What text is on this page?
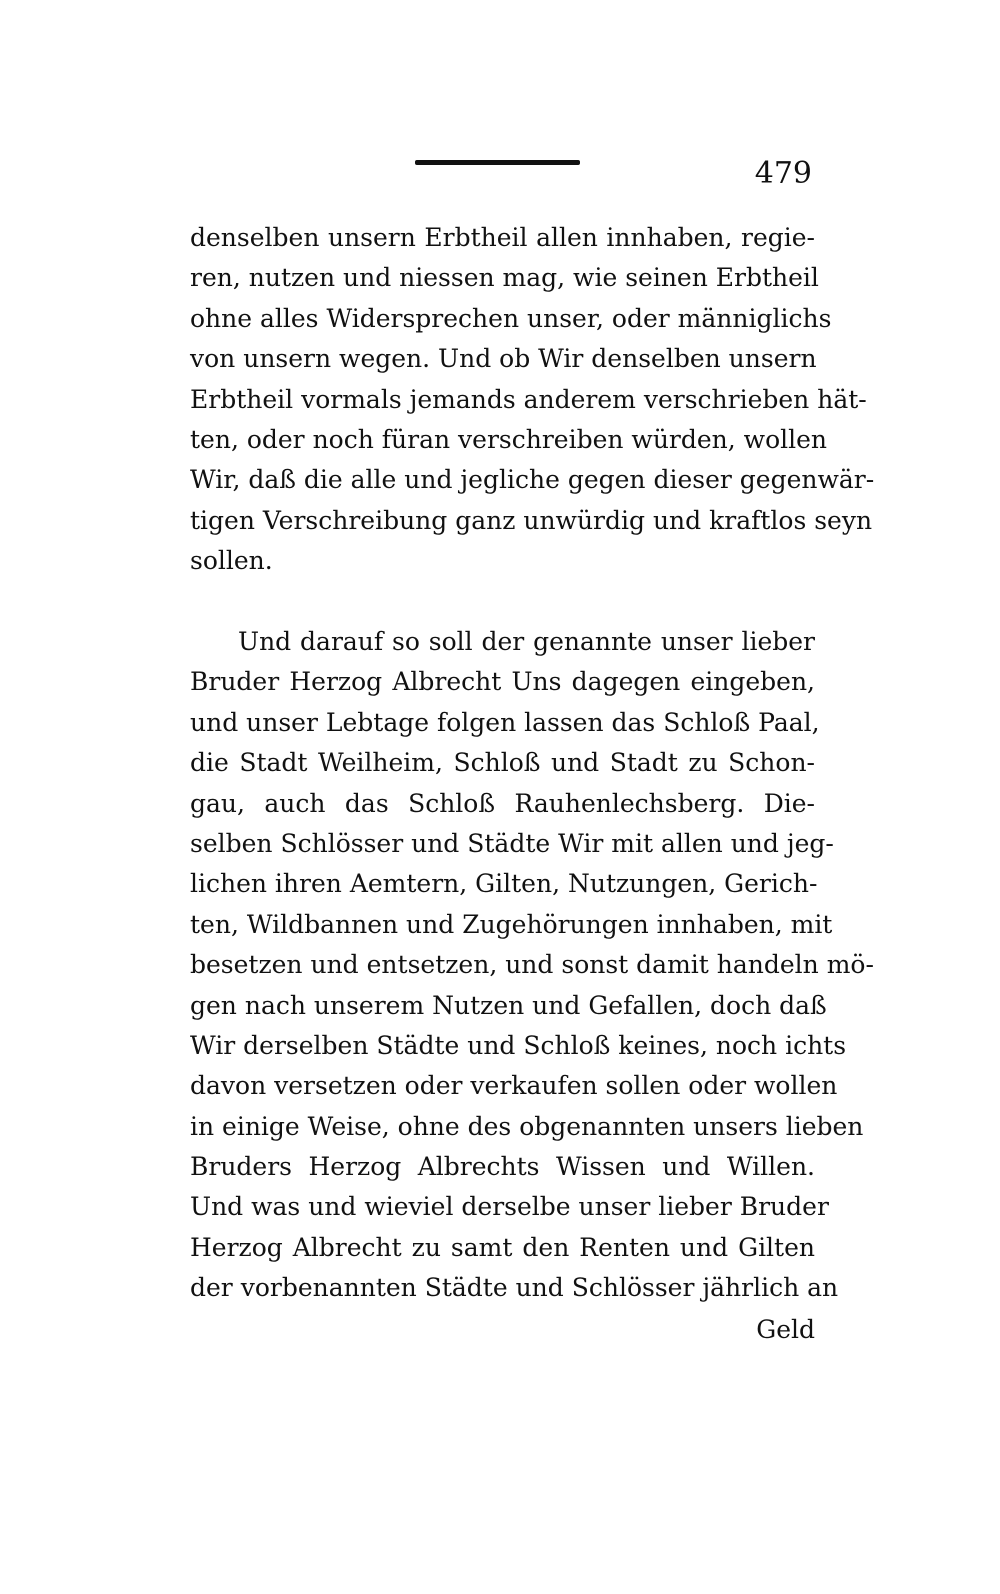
479
denselben unsern Erbtheil allen innhaben, regie-
ren, nutzen und niessen mag, wie seinen Erbtheil
ohne alles Widersprechen unser, oder männiglichs
von unsern wegen. Und ob Wir denselben unsern
Erbtheil vormals jemands anderem verschrieben hät-
ten, oder noch füran verschreiben würden, wollen
Wir, daß die alle und jegliche gegen dieser gegenwär-
tigen Verschreibung ganz unwürdig und kraftlos seyn
sollen.
Und darauf so soll der genannte unser lieber
Bruder Herzog Albrecht Uns dagegen eingeben,
und unser Lebtage folgen lassen das Schloß Paal,
die Stadt Weilheim, Schloß und Stadt zu Schon-
gau, auch das Schloß Rauhenlechsberg. Die-
selben Schlösser und Städte Wir mit allen und jeg-
lichen ihren Aemtern, Gilten, Nutzungen, Gerich-
ten, Wildbannen und Zugehörungen innhaben, mit
besetzen und entsetzen, und sonst damit handeln mö-
gen nach unserem Nutzen und Gefallen, doch daß
Wir derselben Städte und Schloß keines, noch ichts
davon versetzen oder verkaufen sollen oder wollen
in einige Weise, ohne des obgenannten unsers lieben
Bruders Herzog Albrechts Wissen und Willen.
Und was und wieviel derselbe unser lieber Bruder
Herzog Albrecht zu samt den Renten und Gilten
der vorbenannten Städte und Schlösser jährlich an
Geld
